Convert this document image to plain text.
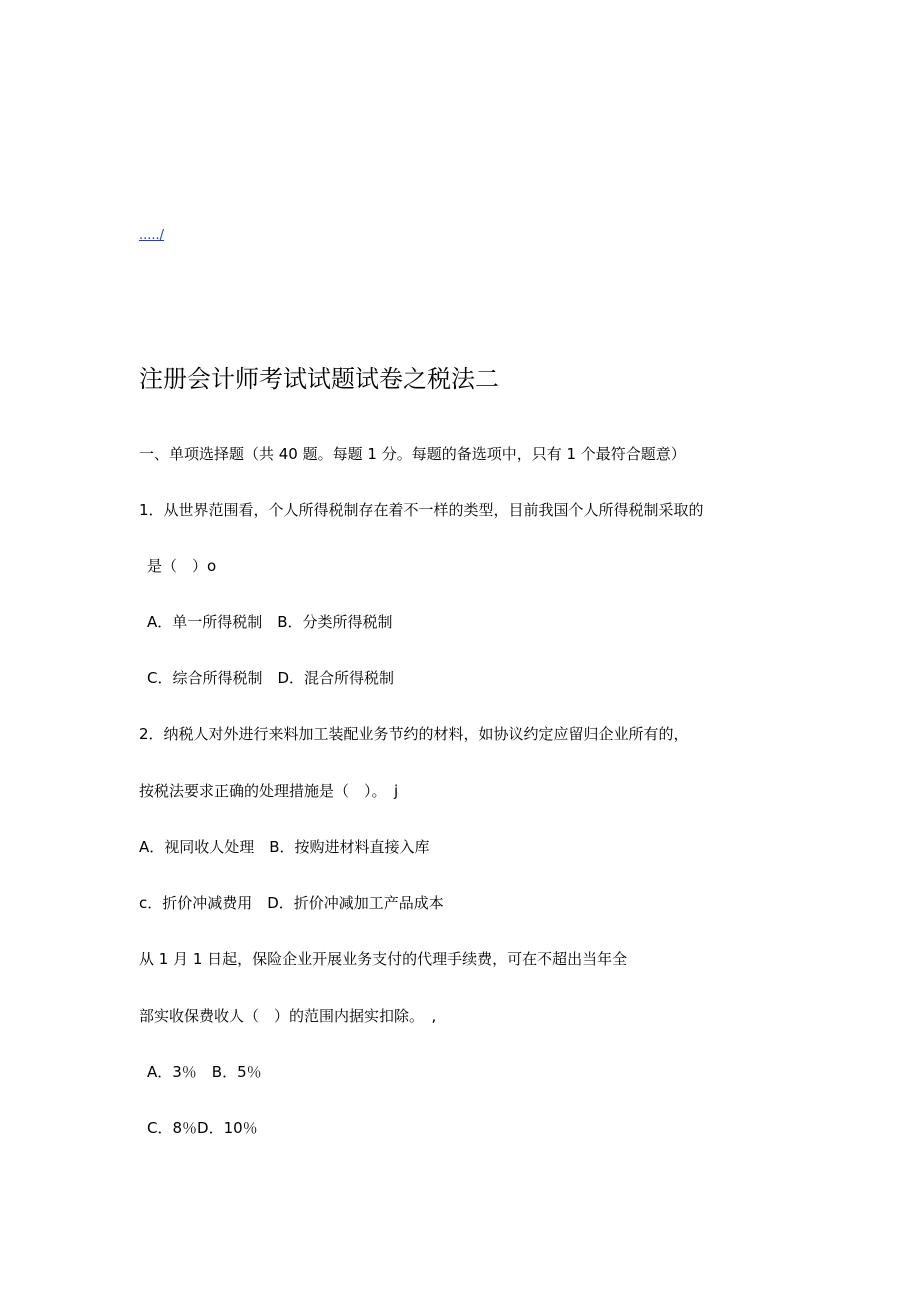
...../
注册会计师考试试题试卷之税法二
一、单项选择题（共 40 题。每题 1 分。每题的备选项中，只有 1 个最符合题意）
1．从世界范围看，个人所得税制存在着不一样的类型，目前我国个人所得税制采取的
是（　）o
A．单一所得税制　B．分类所得税制
C．综合所得税制　D．混合所得税制
2．纳税人对外进行来料加工装配业务节约的材料，如协议约定应留归企业所有的，
按税法要求正确的处理措施是（　）。　j
A．视同收人处理　B．按购进材料直接入库
c．折价冲减费用　D．折价冲减加工产品成本
从 1 月 1 日起，保险企业开展业务支付的代理手续费，可在不超出当年全
部实收保费收人（　）的范围内据实扣除。　,
A．3％　B．5％
C．8％D．10％
